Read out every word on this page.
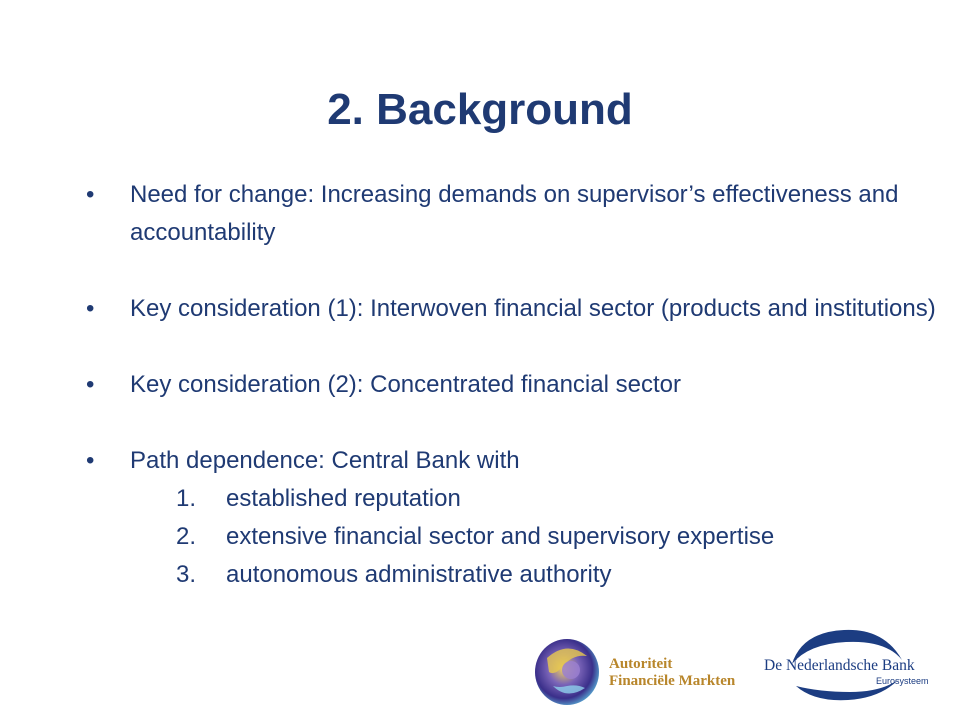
2. Background
• Need for change: Increasing demands on supervisor’s effectiveness and accountability
• Key consideration (1): Interwoven financial sector (products and institutions)
• Key consideration (2): Concentrated financial sector
• Path dependence: Central Bank with
1. established reputation
2. extensive financial sector and supervisory expertise
3. autonomous administrative authority
Autoriteit
Financiële Markten
De Nederlandsche Bank
Eurosysteem
